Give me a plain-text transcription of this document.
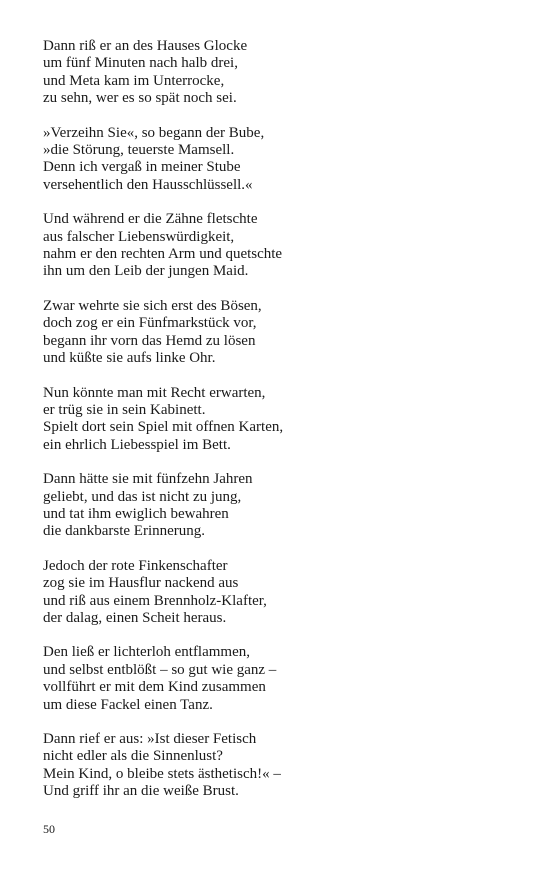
Dann riß er an des Hauses Glocke
um fünf Minuten nach halb drei,
und Meta kam im Unterrocke,
zu sehn, wer es so spät noch sei.
»Verzeihn Sie«, so begann der Bube,
»die Störung, teuerste Mamsell.
Denn ich vergaß in meiner Stube
versehentlich den Hausschlüssell.«
Und während er die Zähne fletschte
aus falscher Liebenswürdigkeit,
nahm er den rechten Arm und quetschte
ihn um den Leib der jungen Maid.
Zwar wehrte sie sich erst des Bösen,
doch zog er ein Fünfmarkstück vor,
begann ihr vorn das Hemd zu lösen
und küßte sie aufs linke Ohr.
Nun könnte man mit Recht erwarten,
er trüg sie in sein Kabinett.
Spielt dort sein Spiel mit offnen Karten,
ein ehrlich Liebesspiel im Bett.
Dann hätte sie mit fünfzehn Jahren
geliebt, und das ist nicht zu jung,
und tat ihm ewiglich bewahren
die dankbarste Erinnerung.
Jedoch der rote Finkenschafter
zog sie im Hausflur nackend aus
und riß aus einem Brennholz-Klafter,
der dalag, einen Scheit heraus.
Den ließ er lichterloh entflammen,
und selbst entblößt – so gut wie ganz –
vollführt er mit dem Kind zusammen
um diese Fackel einen Tanz.
Dann rief er aus: »Ist dieser Fetisch
nicht edler als die Sinnenlust?
Mein Kind, o bleibe stets ästhetisch!« –
Und griff ihr an die weiße Brust.
50
